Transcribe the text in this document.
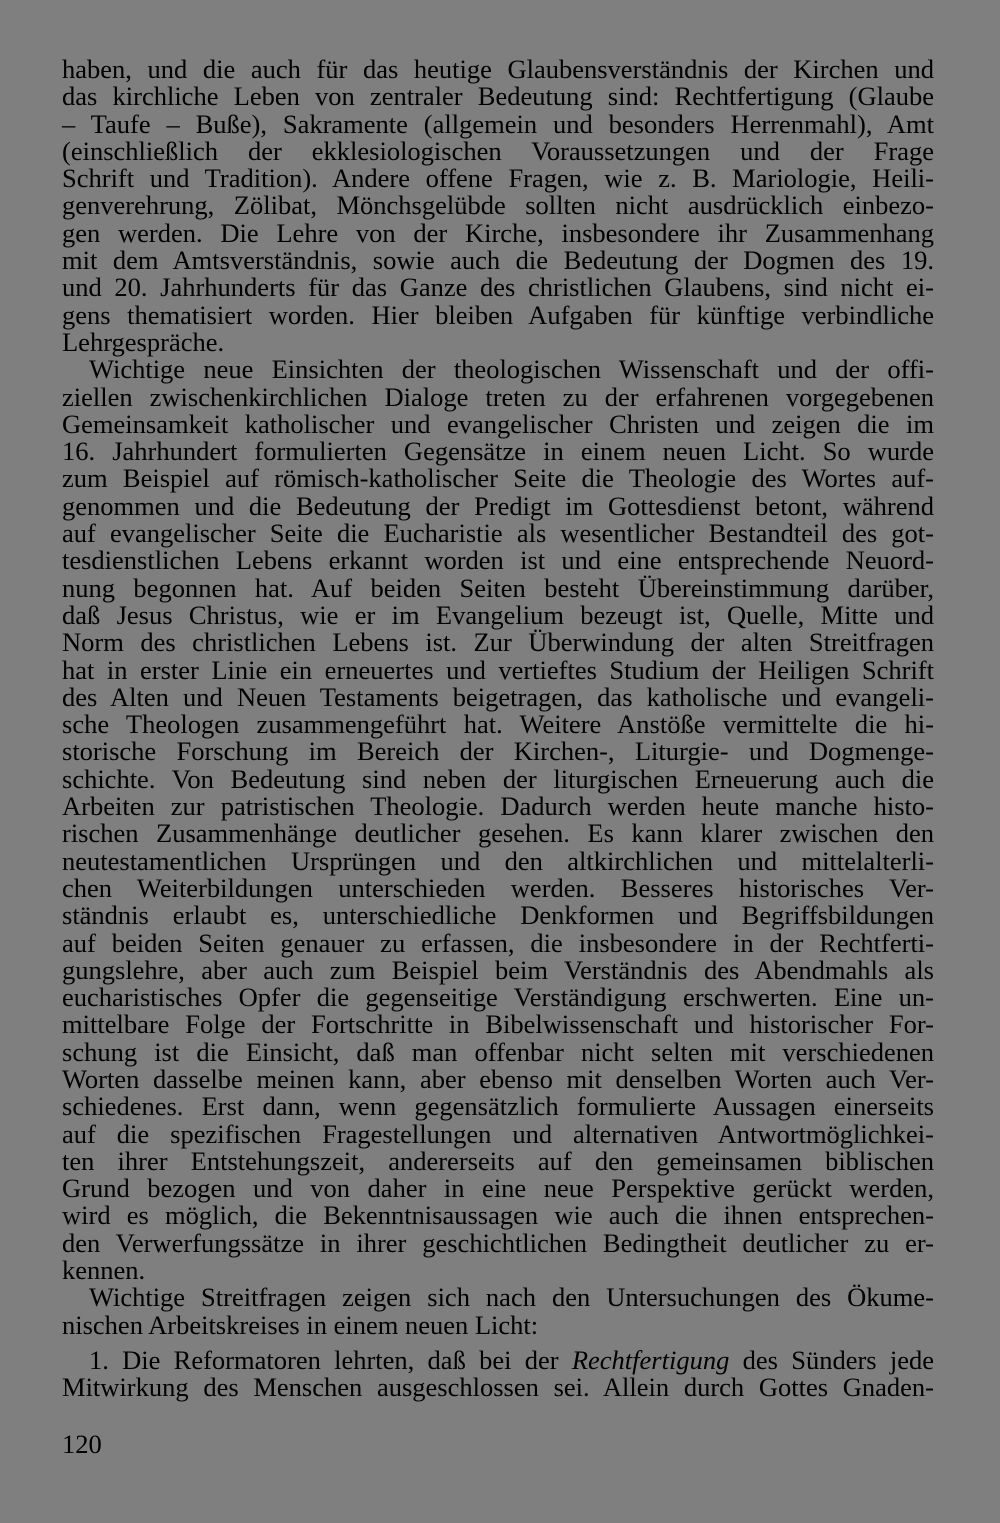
haben, und die auch für das heutige Glaubensverständnis der Kirchen und
das kirchliche Leben von zentraler Bedeutung sind: Rechtfertigung (Glaube
– Taufe – Buße), Sakramente (allgemein und besonders Herrenmahl), Amt
(einschließlich der ekklesiologischen Voraussetzungen und der Frage
Schrift und Tradition). Andere offene Fragen, wie z. B. Mariologie, Heili-
genverehrung, Zölibat, Mönchsgelübde sollten nicht ausdrücklich einbezo-
gen werden. Die Lehre von der Kirche, insbesondere ihr Zusammenhang
mit dem Amtsverständnis, sowie auch die Bedeutung der Dogmen des 19.
und 20. Jahrhunderts für das Ganze des christlichen Glaubens, sind nicht ei-
gens thematisiert worden. Hier bleiben Aufgaben für künftige verbindliche
Lehrgespräche.
Wichtige neue Einsichten der theologischen Wissenschaft und der offi-
ziellen zwischenkirchlichen Dialoge treten zu der erfahrenen vorgegebenen
Gemeinsamkeit katholischer und evangelischer Christen und zeigen die im
16. Jahrhundert formulierten Gegensätze in einem neuen Licht. So wurde
zum Beispiel auf römisch-katholischer Seite die Theologie des Wortes auf-
genommen und die Bedeutung der Predigt im Gottesdienst betont, während
auf evangelischer Seite die Eucharistie als wesentlicher Bestandteil des got-
tesdienstlichen Lebens erkannt worden ist und eine entsprechende Neuord-
nung begonnen hat. Auf beiden Seiten besteht Übereinstimmung darüber,
daß Jesus Christus, wie er im Evangelium bezeugt ist, Quelle, Mitte und
Norm des christlichen Lebens ist. Zur Überwindung der alten Streitfragen
hat in erster Linie ein erneuertes und vertieftes Studium der Heiligen Schrift
des Alten und Neuen Testaments beigetragen, das katholische und evangeli-
sche Theologen zusammengeführt hat. Weitere Anstöße vermittelte die hi-
storische Forschung im Bereich der Kirchen-, Liturgie- und Dogmenge-
schichte. Von Bedeutung sind neben der liturgischen Erneuerung auch die
Arbeiten zur patristischen Theologie. Dadurch werden heute manche histo-
rischen Zusammenhänge deutlicher gesehen. Es kann klarer zwischen den
neutestamentlichen Ursprüngen und den altkirchlichen und mittelalterli-
chen Weiterbildungen unterschieden werden. Besseres historisches Ver-
ständnis erlaubt es, unterschiedliche Denkformen und Begriffsbildungen
auf beiden Seiten genauer zu erfassen, die insbesondere in der Rechtferti-
gungslehre, aber auch zum Beispiel beim Verständnis des Abendmahls als
eucharistisches Opfer die gegenseitige Verständigung erschwerten. Eine un-
mittelbare Folge der Fortschritte in Bibelwissenschaft und historischer For-
schung ist die Einsicht, daß man offenbar nicht selten mit verschiedenen
Worten dasselbe meinen kann, aber ebenso mit denselben Worten auch Ver-
schiedenes. Erst dann, wenn gegensätzlich formulierte Aussagen einerseits
auf die spezifischen Fragestellungen und alternativen Antwortmöglichkei-
ten ihrer Entstehungszeit, andererseits auf den gemeinsamen biblischen
Grund bezogen und von daher in eine neue Perspektive gerückt werden,
wird es möglich, die Bekenntnisaussagen wie auch die ihnen entsprechen-
den Verwerfungssätze in ihrer geschichtlichen Bedingtheit deutlicher zu er-
kennen.
Wichtige Streitfragen zeigen sich nach den Untersuchungen des Ökume-
nischen Arbeitskreises in einem neuen Licht:
1. Die Reformatoren lehrten, daß bei der Rechtfertigung des Sünders jede
Mitwirkung des Menschen ausgeschlossen sei. Allein durch Gottes Gnaden-
120
